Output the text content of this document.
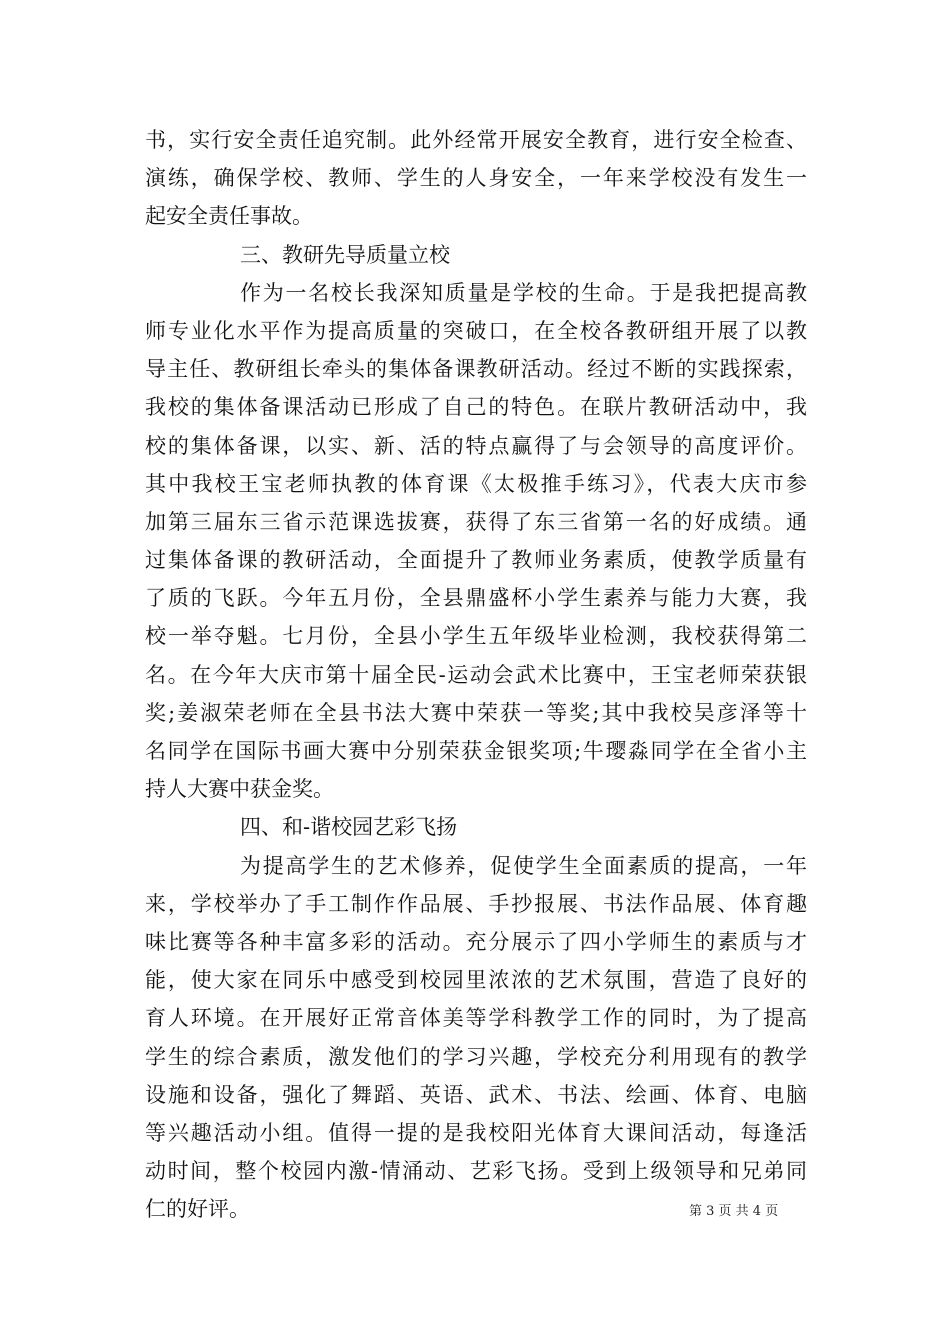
书，实行安全责任追究制。此外经常开展安全教育，进行安全检查、
演练，确保学校、教师、学生的人身安全，一年来学校没有发生一
起安全责任事故。
三、教研先导质量立校
作为一名校长我深知质量是学校的生命。于是我把提高教
师专业化水平作为提高质量的突破口，在全校各教研组开展了以教
导主任、教研组长牵头的集体备课教研活动。经过不断的实践探索，
我校的集体备课活动已形成了自己的特色。在联片教研活动中，我
校的集体备课，以实、新、活的特点赢得了与会领导的高度评价。
其中我校王宝老师执教的体育课《太极推手练习》，代表大庆市参
加第三届东三省示范课选拔赛，获得了东三省第一名的好成绩。通
过集体备课的教研活动，全面提升了教师业务素质，使教学质量有
了质的飞跃。今年五月份，全县鼎盛杯小学生素养与能力大赛，我
校一举夺魁。七月份，全县小学生五年级毕业检测，我校获得第二
名。在今年大庆市第十届全民-运动会武术比赛中，王宝老师荣获银
奖;姜淑荣老师在全县书法大赛中荣获一等奖;其中我校吴彦泽等十
名同学在国际书画大赛中分别荣获金银奖项;牛璎淼同学在全省小主
持人大赛中获金奖。
四、和-谐校园艺彩飞扬
为提高学生的艺术修养，促使学生全面素质的提高，一年
来，学校举办了手工制作作品展、手抄报展、书法作品展、体育趣
味比赛等各种丰富多彩的活动。充分展示了四小学师生的素质与才
能，使大家在同乐中感受到校园里浓浓的艺术氛围，营造了良好的
育人环境。在开展好正常音体美等学科教学工作的同时，为了提高
学生的综合素质，激发他们的学习兴趣，学校充分利用现有的教学
设施和设备，强化了舞蹈、英语、武术、书法、绘画、体育、电脑
等兴趣活动小组。值得一提的是我校阳光体育大课间活动，每逢活
动时间，整个校园内激-情涌动、艺彩飞扬。受到上级领导和兄弟同
仁的好评。	第 3 页 共 4 页
